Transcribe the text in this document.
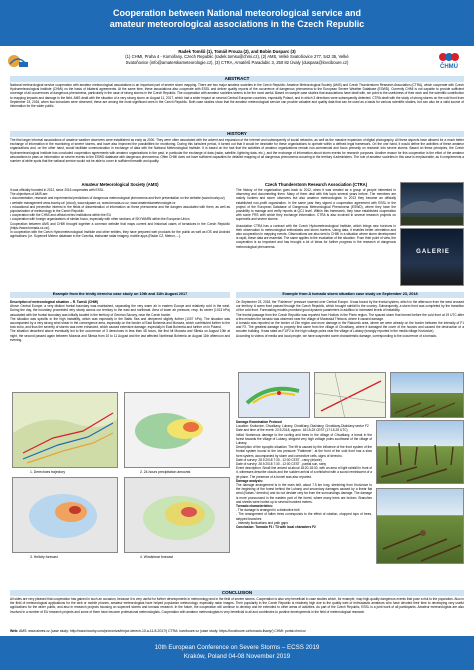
Cooperation between National meteorological service and
amateur meteorological associations in the Czech Republic
ČHMÚ
Radek Tomšů (1), Tomáš Prouza (2), and Bobin Dusparc (3)
(1) CHMI, Praha 4 - Komořany, Czech Republic (radek.tomsu@chmi.cz), (2) AMS, Velké Svatoňovice 277, 542 35, Velké
Svatoňovice (info@amaterskameteorologie.cz), (3) CTRA, Amatérů Paradubic 3, 250 82 Úvaly (duspara@lovciboure.cz)
ABSTRACT
National meteorological service cooperation with amateur meteorological associations is an important part of severe storm mapping. There are two major amateur societies in the Czech Republic: Amateur Meteorological Society (AMS) and Czech Thunderstorm Research Association (CTRA), which cooperate with Czech Hydrometeorological Institute (CHMI) on the basis of bilateral agreements. At the same time, these associations also cooperate with ESSL and deliver quality reports of the occurrence of dangerous phenomena to the European Severe Weather Database (ESWD). Currently CHMI is not capable to provide sufficient coverage of all occurrences of dangerous phenomena, particularly in the case of strong storms in the Czech Republic. The cooperation with amateur societies seems to be the most useful. Based on sample case studies that associations have dealt with, we point to the usefulness of their work and the scientific contribution to mapping impacts and damage in the field. AMS dealt with the situation of a very strong storm on August 11, 2017, which had a wider impact on several Central European countries, especially Poland, and in which 3 directions were subsequently detected. CTRA dealt with the study of strong storms on the cold front from September 23, 2018, when two tornadoes were observed; these are among the most significant ones in the Czech Republic. Both case studies show that the amateur meteorological service can provide valuable and quality data that can be used as a basis for various scientific studies, but can also be a valid source of information for the wider public.
HISTORY
The first larger informal associations of amateur weather observers were established as early as 2000. They were often associated with the advent and expansion of the Internet and subsequently of social networks, as well as the massive expansion of digital photography. All these aspects have allowed for a much better exchange of information in the monitoring of severe storms, and have also improved the possibilities for monitoring. During this turbulent period, it turned out that it would be desirable for these organizations to operate within a defined legal framework. On the one hand, it would define the activities of these amateur organizations and, on the other hand, would facilitate communication in exchange of data with the National Meteorological Institute. It is based on the fact that the activities of amateur organizations remain non-commercial and focus primarily on research into severe storms. Based on these principles, the Czech Hydrometeorological Institute has concluded cooperation agreements with amateur organizations in the past, in particular the exchange of data (radar, satellite, lightning data, etc.), and the exchange of information about storm events for research purposes. Another reason for this cooperation is the effort of the amateur associations to pass on information on severe events to the ESWD database with dangerous phenomena. Often CHMI does not have sufficient capacities for detailed mapping of all dangerous phenomena occurring in the territory it administers. The role of amateur societies in this case is irreplaceable, as it complements a number of white spots that the national service would not be able to cover in sufficient breadth and quality.
Amateur Meteorological Society (AMS)
It was officially founded in 2012, since 2016 cooperates with ESSL.
The objectives of AMS are:
• documentation, research and experimental predictions of dangerous meteorological phenomena and their presentation on the website (www.bourky.cz)
• website management www.bourky.cz/ (cloud), www.skyaam.cz, www.tornada-cz.cz, www.amaterskameteorologie.cz
• educational and preventive interest in the fields of dissemination of information on these phenomena and the dangers associated with them, as well as popularization of meteorology in the Czech Republic
• cooperation with the CHMI and official meteo institutions within the EU
• cooperation with foreign organizations of similar focus, especially with other sections of SKYWARN within the European Union
Cooperation between AMS and CHMI brought together a common website that maps current and historical cases of tornadoes in the Czech Republic (https://www.tornada-cz.cz/).
In cooperation with the Czech Hydrometeorological Institute and other entities, they have prepared web products for the public as well as iOS and Android applications (i.e. Supercell Meteor database in the Czechia, elaborate radar imagery, mobile apps (Radar CZ, Meteor, ...).
Czech Thunderstorm Research Association (CTRA)
The history of the organization goes back to 2012, when it was created as a group of people interested in observing and documenting them. Many of them deal with this topic several years before. The members are mainly hunters and storm observers but also amateur meteorologists. In 2013 they became an officially established non-profit organization. In the same year they signed a cooperation agreement with ESSL in the project of the European Database of Dangerous Meteorological Phenomena (ESWD), where they have the possibility to manage and verify reports at QC1 level. Within this framework, they have established cooperation with some FRS with which they exchange information. CTRA is also involved in several research projects on supercells and severe storms.
Association CTRA has a contract with the Czech Hydrometeorological Institute, which brings new horizons in their observation to meteorological enthusiasts and storm hunters. Using data, it enables better orientation and also cooperation in mapping events. Observations are also sent to CHMI in a situation where storm development is rapid, these data are essential. The same applies to the evaluation of the situation. From their point of view, the cooperation is so important and has brought a lot of ideas for further progress in the research of dangerous meteorological phenomena.
GALERIE
Example from the trinity derecho case study on 10th and 11th August 2017
Description of meteorological situation – R. Tomšů (CHMI)
Above Central Europe, a very distinct frontal boundary was maintained, separating the very warm air in eastern Europe and relatively cold in the west. During the day, the boundary proceeded very slowly across our territory to the east and northeast. Area of lower air pressure, resp. its center (1013 hPa) associated with the frontal boundary was initially located in the territory of German Saxony, near the Czech border.
The situation was specific in the high instability, which was especially in the Baltic Sea and deepened slightly further (1007 hPa). The situation was accompanied by a very strong wind shear in the convergence area, especially on the border of East Bohemia and Moravia, which contributed further to the bow echo, and thus the severity of storms was even enhanced, which caused extensive damage, especially in East Bohemia and further on in Poland.
The situation described above eventually led to the occurrence of 3 derechoes in less than 48 hours, the first hit Moravia and Silesia on August 10th at night, the second passed again between Moravia and Silesia from 10 to 11 August and the last affected Northeast Bohemia on August 11th afternoon and evening.
1. Derechoes trajectory	2. 24-hours precipitation amounts
3. Helicity forecast	4. Windshear forecast
Example from A tornado storm situation case study on September 23, 2018
On September 23, 2018, the "Fabienne" pressure lowered over Central Europe. It was bound by the frontal system, which in the afternoon from the west crossed our territory. A warm front passed through the Czech Republic, which brought rainfall to the country. Subsequently, a storm front was completed by the transition of the cold front. Forecasting models promised good dynamic parameters in addition to increased levels of instability.
The frontal passage from the Czech Republic was reported from Hodkov in the Plzen region. The spaced storm that formed before the cold front at 19 UTC after a few minutes the tornado was observed near the village of Moravská Třebová, where it caused damage.
A tornado was reported on the border of Zlín region and more damage in the Rakovník area, where we were already on the border between the intensity of F1 and F2. The greatest damage to property first came from the village of Chvalšany, where it damaged the cover of the houses and caused the destruction of a wooden building. It was rated as F1/F2 to the high voltage poles near the village of Lubany (wrongly reported in the media village Krušovice).
According to videos of media and local people, we have suspected some characteristic damage, corresponding to the occurrence of a tornado.
Damage Examination Protocol
Location: Krušovice, Chvalšany, Lubany, Chrášťany, Dlaždany, Chvalšany-Dlaždany sector F2
Date and time of the event: 23.9.2018, approx. 18:15-25 CEST (17:15-25 UTC)
Initial: Numerous damage to the roofing and trees in the village of Chvalšany, a break in the forest towards the village of Lubany, stripped very high voltage poles southwest of the village of Lubany.
Description of the synoptic situation: The lift is caused by the influence of the front system of the frontal system bound to the low pressure "Fabienne", at the front of the cold front has a slow form system, accompanied by storm and convective cells, signs of derecho.
Date of survey: 28.9.2018 7:30 - 12:00 CEST - rainy (drizzle)
Date of survey: 28.9.2018 7:30 - 12:00 CEST - partial sun, rainy
Event description: Small line arrived at about 18:20-18:30, with an area of light rainfall in front of it, witnesses describe clouds and the sudden arrival of a whirlwind with a sound reminiscent of a jet plane. The presence of a funnel was also reported.
Damage analysis:
The damage arrangement is in the main belt, about 7.5 km long, stretching from Krušovice to the beginning of the forest behind the Lubany and secondary damages caused by a linear flat wind (Nubas / derecho) and do not deviate very far from the surroundings damage. The damage is more pronounced in the eastern part of the forest, where many trees are broken. Branches and shreds were hurled up to several hundred meters.
Tornado characteristics:
- The damage is arranged in a distinctive belt
- The arrangement of fallen trees corresponds to the effect of rotation, chopped tops of trees, stripped branches
- Intensity fluctuations and path gaps
Conclusion: Tornado F1 / T3 with local characters F2
CONCLUSION
All sides are very pleased that cooperation has gained in such an occasion, because it is very useful for further developments in meteorology and in the field of severe storms. Cooperation is also very beneficial in case studies which, for example, map high-quality dangerous events that pose a risk to the population. Also in the field of meteorological applications for the web or mobile phones, amateur meteorologists have helped popularize meteorology, especially radar images. Their popularity in the Czech Republic is relatively high due to the quality web of enthusiastic amateurs who have devoted their time to developing very useful applications for the wider public, and also in research projects focusing on supercell storms and tornado research. In the future, the cooperation will continue to develop and be extended to other areas of activities. As part of the Czech Republic, ESSL is a joint work of all participants. Amateur meteorologists are also involved in a number of EU research projects and some of them have become professional meteorologists. Cooperation with amateur meteorologists is very beneficial to all and contributes to positive developments in the field of meteorological research.
Web: AMS: www.aimes.cz (case study: http://www.bourky.com/prizroniva/trinjce-derech-10-a-11-8-2017/) CTRA: lovciboure.cz (case study: https://lovciboure.cz/tornado-lisany/) CHMI: portal.chmi.cz
10th European Conference on Severe Storms – ECSS 2019
Kraków, Poland 04-08 November 2019
